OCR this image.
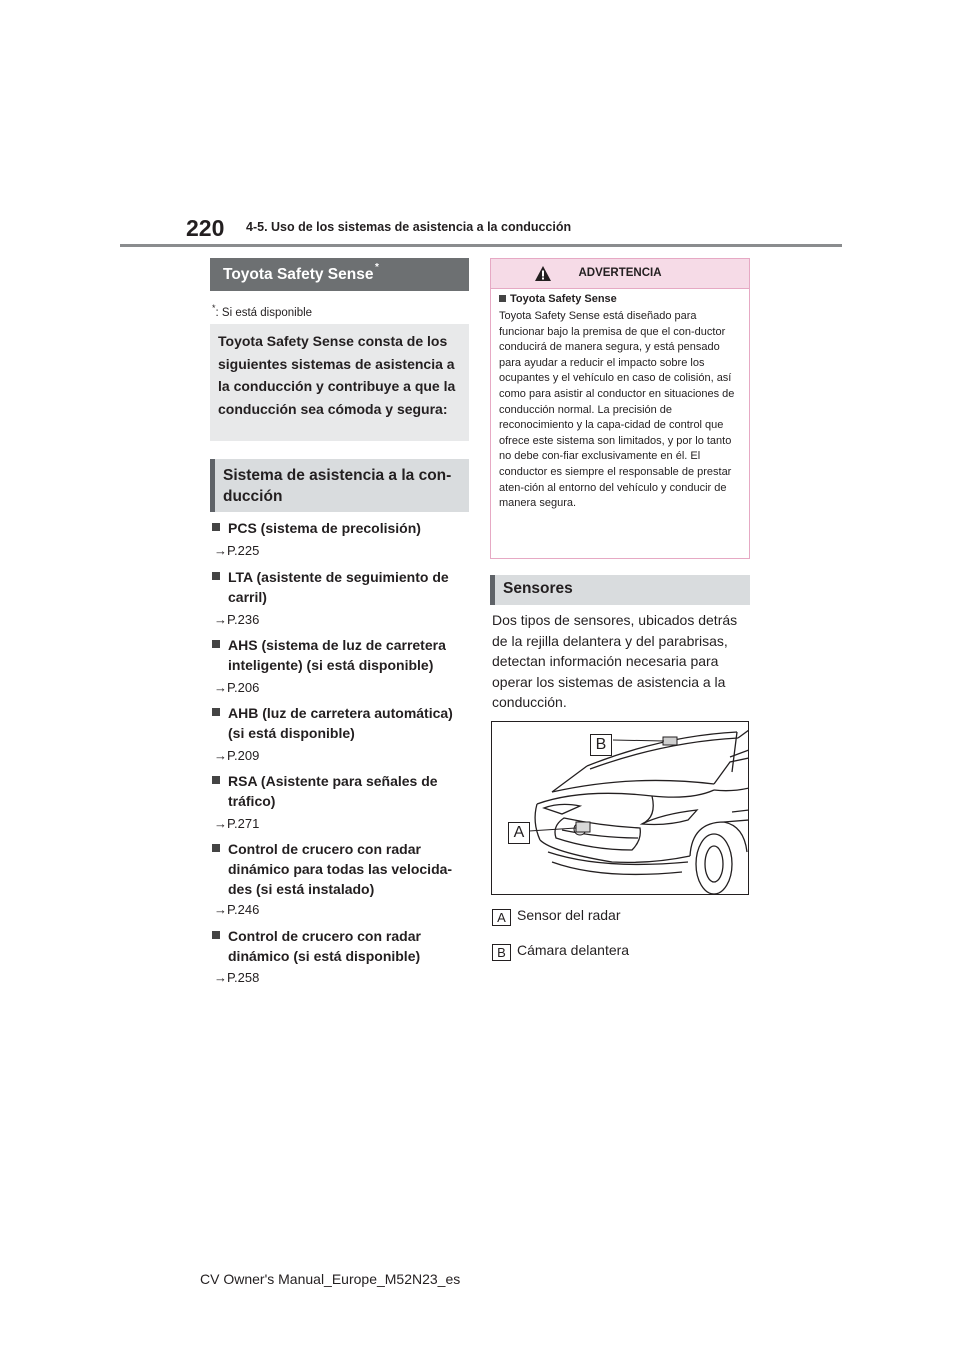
220 4-5. Uso de los sistemas de asistencia a la conducción
Toyota Safety Sense *
*: Si está disponible
Toyota Safety Sense consta de los siguientes sistemas de asistencia a la conducción y contribuye a que la conducción sea cómoda y segura:
Sistema de asistencia a la con-ducción
PCS (sistema de precolisión)
→P.225
LTA (asistente de seguimiento de carril)
→P.236
AHS (sistema de luz de carretera inteligente) (si está disponible)
→P.206
AHB (luz de carretera automática) (si está disponible)
→P.209
RSA (Asistente para señales de tráfico)
→P.271
Control de crucero con radar dinámico para todas las velocida-des (si está instalado)
→P.246
Control de crucero con radar dinámico (si está disponible)
→P.258
ADVERTENCIA
Toyota Safety Sense
Toyota Safety Sense está diseñado para funcionar bajo la premisa de que el con-ductor conducirá de manera segura, y está pensado para ayudar a reducir el impacto sobre los ocupantes y el vehículo en caso de colisión, así como para asistir al conductor en situaciones de conducción normal. La precisión de reconocimiento y la capa-cidad de control que ofrece este sistema son limitados, y por lo tanto no debe con-fiar exclusivamente en él. El conductor es siempre el responsable de prestar aten-ción al entorno del vehículo y conducir de manera segura.
Sensores
Dos tipos de sensores, ubicados detrás de la rejilla delantera y del parabrisas, detectan información necesaria para operar los sistemas de asistencia a la conducción.
B
A
A Sensor del radar
B Cámara delantera
CV Owner's Manual_Europe_M52N23_es
